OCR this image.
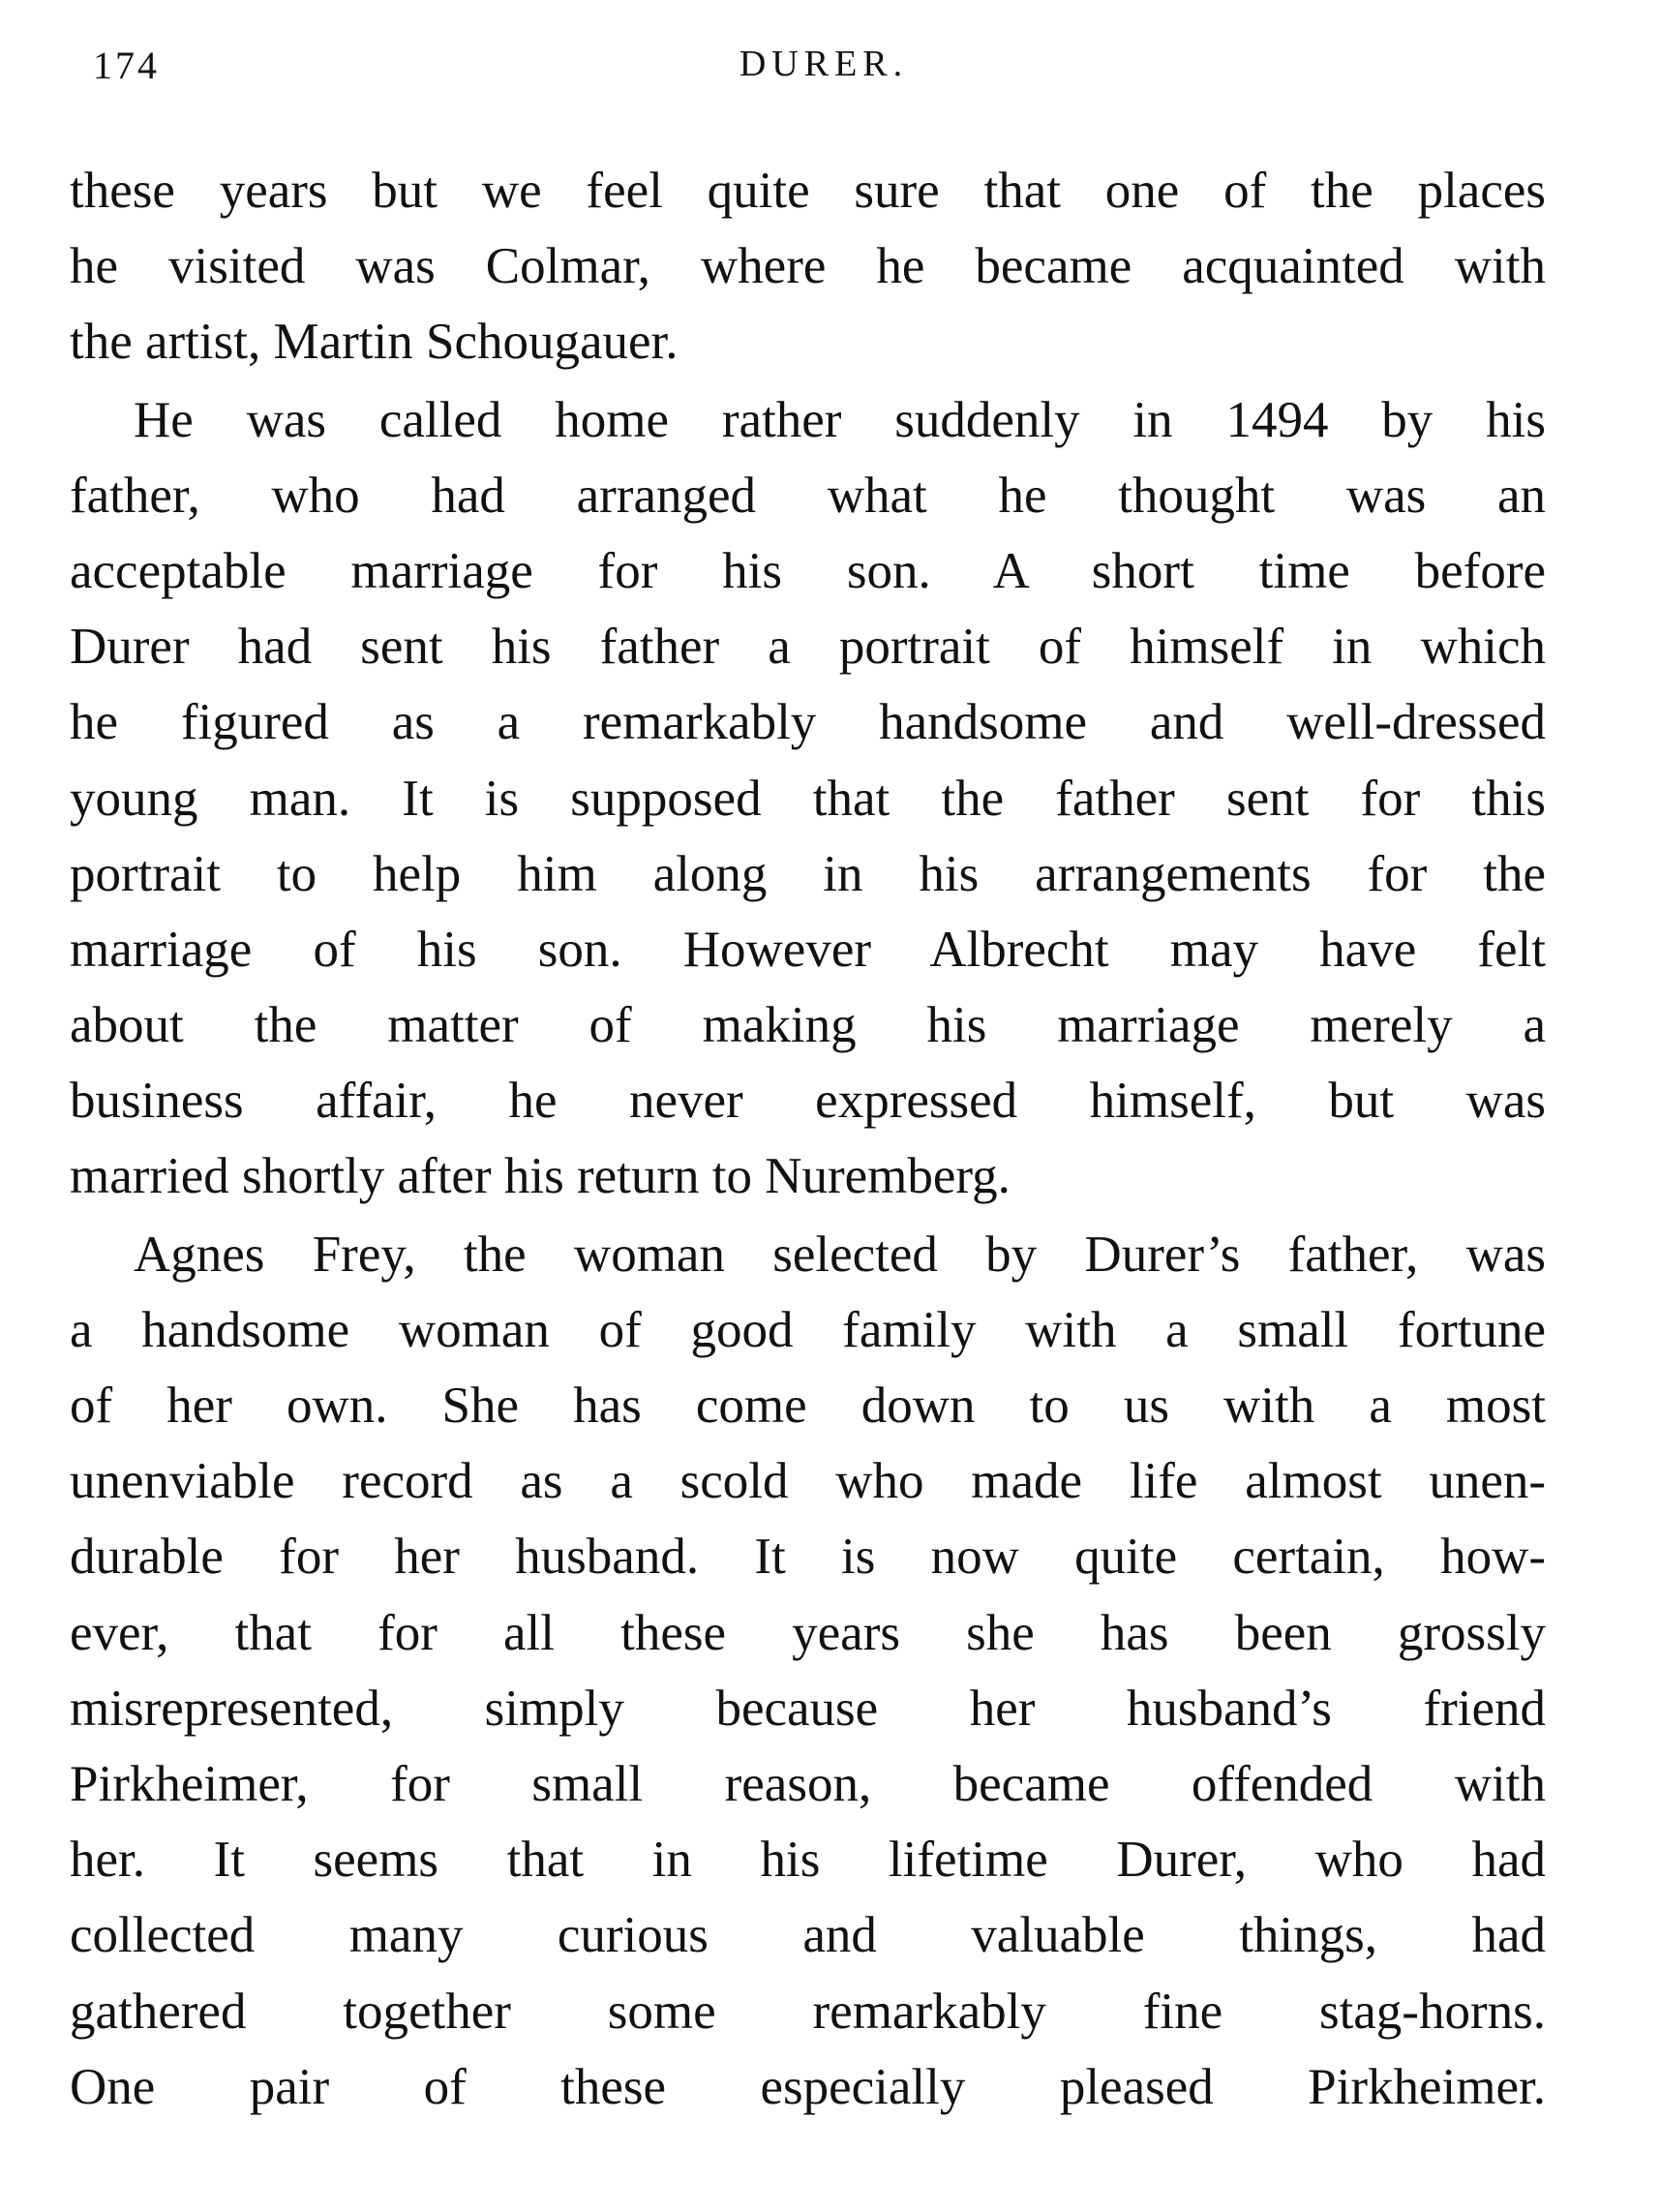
174	DURER.
these years but we feel quite sure that one of the places
he visited was Colmar, where he became acquainted with
the artist, Martin Schougauer.
He was called home rather suddenly in 1494 by his
father, who had arranged what he thought was an
acceptable marriage for his son. A short time before
Durer had sent his father a portrait of himself in which
he figured as a remarkably handsome and well-dressed
young man. It is supposed that the father sent for this
portrait to help him along in his arrangements for the
marriage of his son. However Albrecht may have felt
about the matter of making his marriage merely a
business affair, he never expressed himself, but was
married shortly after his return to Nuremberg.
Agnes Frey, the woman selected by Durer’s father, was
a handsome woman of good family with a small fortune
of her own. She has come down to us with a most
unenviable record as a scold who made life almost unen-
durable for her husband. It is now quite certain, how-
ever, that for all these years she has been grossly
misrepresented, simply because her husband’s friend
Pirkheimer, for small reason, became offended with
her. It seems that in his lifetime Durer, who had
collected many curious and valuable things, had
gathered together some remarkably fine stag-horns.
One pair of these especially pleased Pirkheimer.
